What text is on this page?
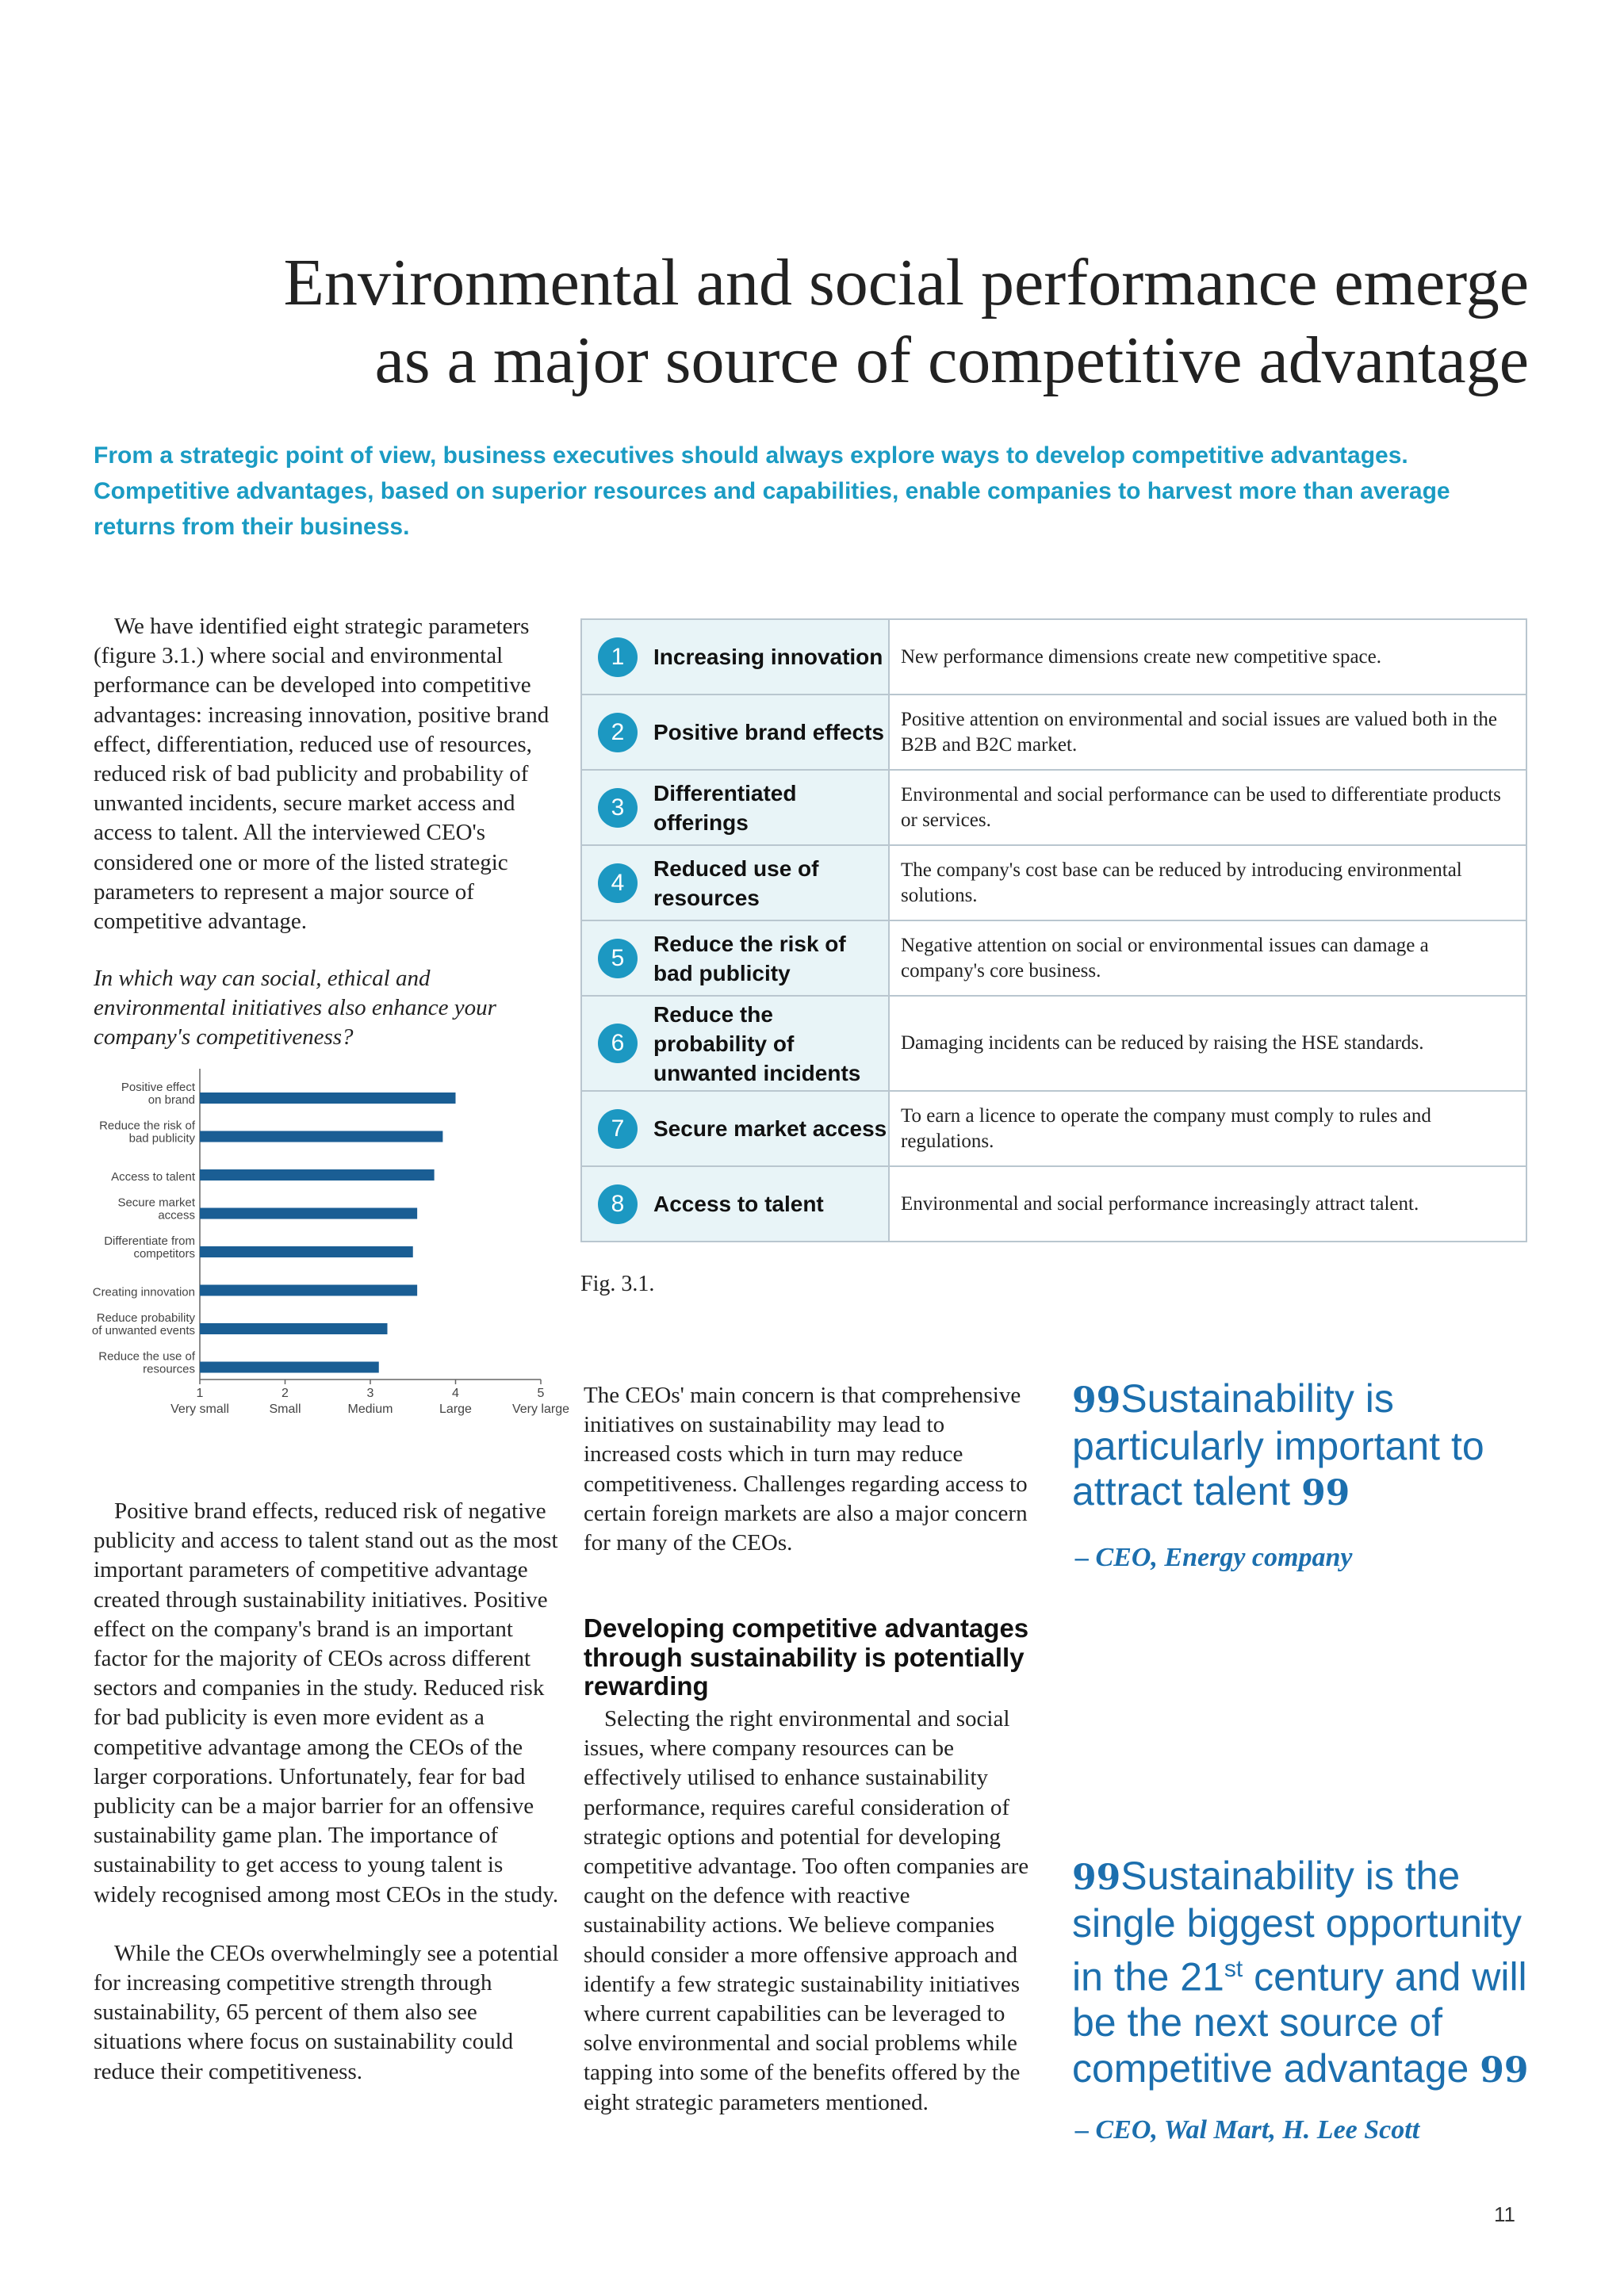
Environmental and social performance emerge
as a major source of competitive advantage

From a strategic point of view, business executives should always explore ways to develop competitive advantages.
Competitive advantages, based on superior resources and capabilities, enable companies to harvest more than average
returns from their business.

We have identified eight strategic parameters (figure 3.1.) where social and environmental performance can be developed into competitive advantages: increasing innovation, positive brand effect, differentiation, reduced use of resources, reduced risk of bad publicity and probability of unwanted incidents, secure market access and access to talent. All the interviewed CEO's considered one or more of the listed strategic parameters to represent a major source of competitive advantage.

In which way can social, ethical and environmental initiatives also enhance your company's competitiveness?

Positive effect on brand
Reduce the risk of bad publicity
Access to talent
Secure market access
Differentiate from competitors
Creating innovation
Reduce probability of unwanted events
Reduce the use of resources
1
Very small
2
Small
3
Medium
4
Large
5
Very large
1 Increasing innovation	New performance dimensions create new competitive space.

2 Positive brand effects	Positive attention on environmental and social issues are valued both in the B2B and B2C market.

3
Differentiated offerings	Environmental and social performance can be used to differentiate products or services.

4
Reduced use of resources	The company's cost base can be reduced by introducing environmental solutions.

5
Reduce the risk of bad publicity	Negative attention on social or environmental issues can damage a company's core business.

6
Reduce the probability of unwanted incidents	Damaging incidents can be reduced by raising the HSE standards.

7 Secure market access	To earn a licence to operate the company must comply to rules and regulations.

8 Access to talent	Environmental and social performance increasingly attract talent.
Fig. 3.1.

Positive brand effects, reduced risk of negative publicity and access to talent stand out as the most important parameters of competitive advantage created through sustainability initiatives. Positive effect on the company's brand is an important factor for the majority of CEOs across different sectors and companies in the study. Reduced risk for bad publicity is even more evident as a competitive advantage among the CEOs of the larger corporations. Unfortunately, fear for bad publicity can be a major barrier for an offensive sustainability game plan. The importance of sustainability to get access to young talent is widely recognised among most CEOs in the study.

While the CEOs overwhelmingly see a potential for increasing competitive strength through sustainability, 65 percent of them also see situations where focus on sustainability could reduce their competitiveness.

The CEOs' main concern is that comprehensive initiatives on sustainability may lead to increased costs which in turn may reduce competitiveness. Challenges regarding access to certain foreign markets are also a major concern for many of the CEOs.

Developing competitive advantages through sustainability is potentially rewarding

Selecting the right environmental and social issues, where company resources can be effectively utilised to enhance sustainability performance, requires careful consideration of strategic options and potential for developing competitive advantage. Too often companies are caught on the defence with reactive sustainability actions. We believe companies should consider a more offensive approach and identify a few strategic sustainability initiatives where current capabilities can be leveraged to solve environmental and social problems while tapping into some of the benefits offered by the eight strategic parameters mentioned.

99Sustainability is particularly important to attract talent 99
– CEO, Energy company
99Sustainability is the single biggest opportunity in the 21st century and will be the next source of competitive advantage 99
– CEO, Wal Mart, H. Lee Scott
11
